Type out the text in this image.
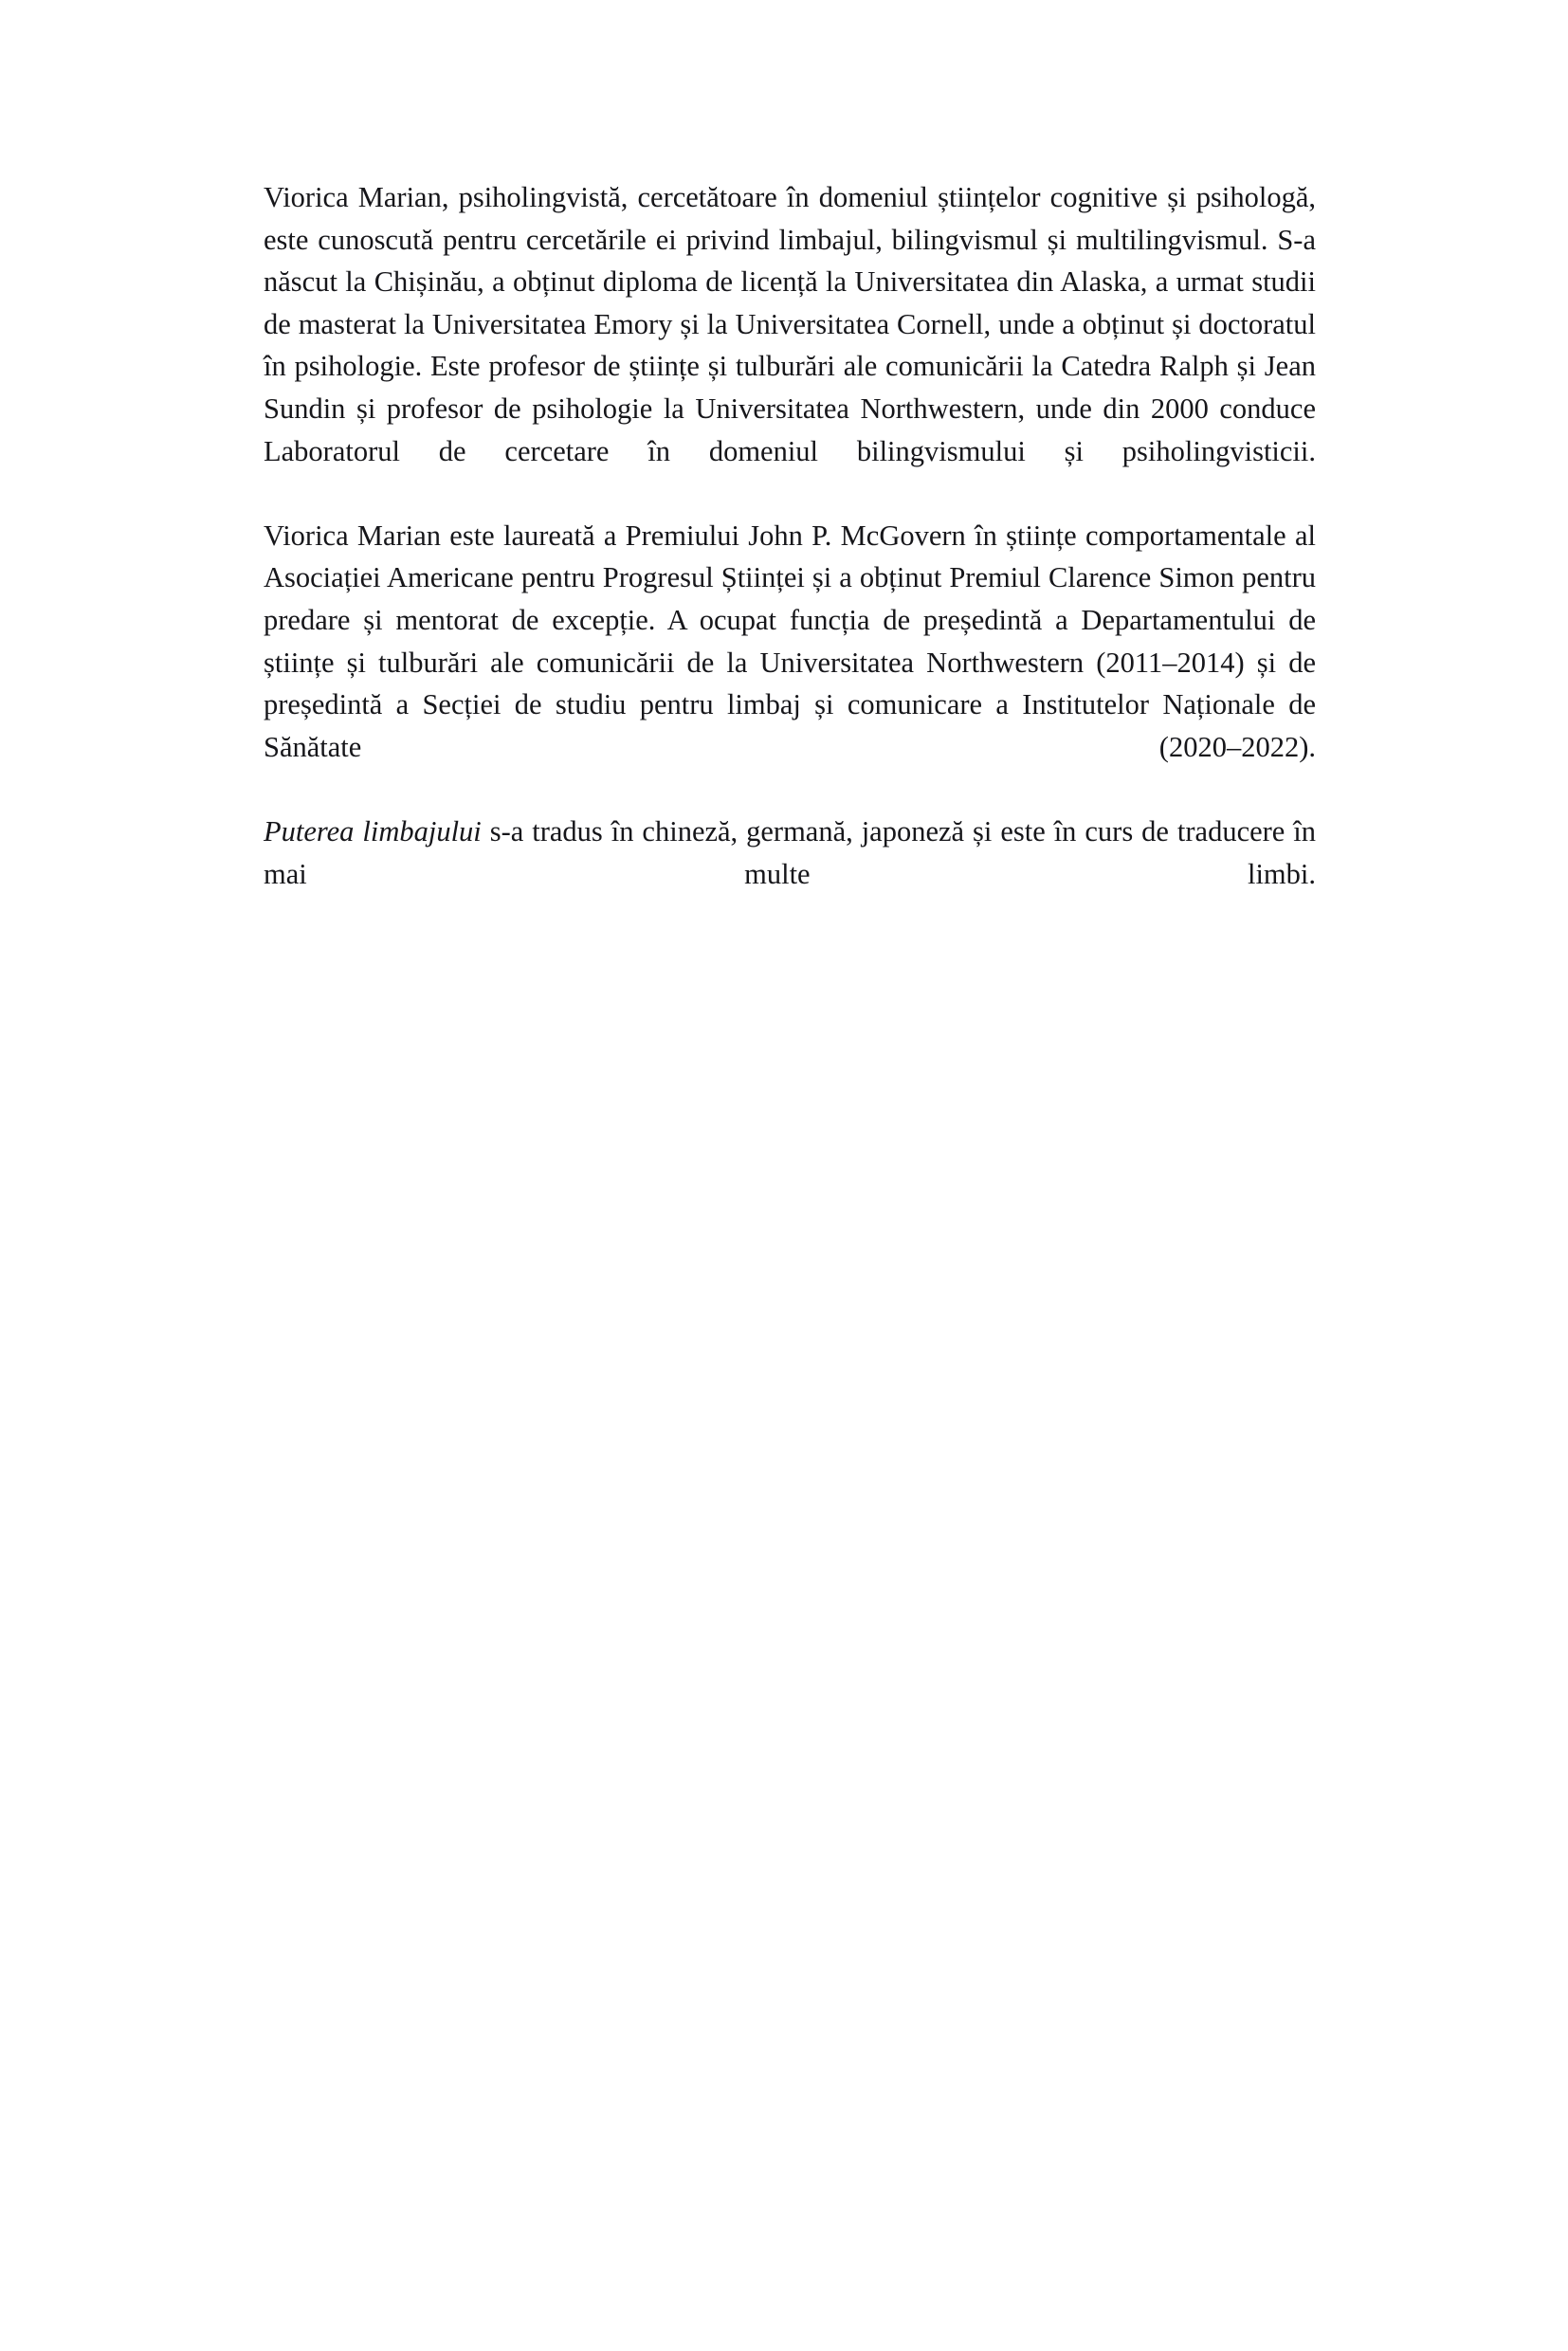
Viorica Marian, psiholingvistă, cercetătoare în domeniul științelor cognitive și psihologă, este cunoscută pentru cercetările ei privind limbajul, bilingvismul și multilingvismul. S-a născut la Chișinău, a obținut diploma de licență la Universitatea din Alaska, a urmat studii de masterat la Universitatea Emory și la Universitatea Cornell, unde a obținut și doctoratul în psihologie. Este profesor de științe și tulburări ale comunicării la Catedra Ralph și Jean Sundin și profesor de psihologie la Universitatea Northwestern, unde din 2000 conduce Laboratorul de cercetare în domeniul bilingvismului și psiholingvisticii.

Viorica Marian este laureată a Premiului John P. McGovern în științe comportamentale al Asociației Americane pentru Progresul Științei și a obținut Premiul Clarence Simon pentru predare și mentorat de excepție. A ocupat funcția de președintă a Departamentului de științe și tulburări ale comunicării de la Universitatea Northwestern (2011–2014) și de președintă a Secției de studiu pentru limbaj și comunicare a Institutelor Naționale de Sănătate (2020–2022).

Puterea limbajului s-a tradus în chineză, germană, japoneză și este în curs de traducere în mai multe limbi.
